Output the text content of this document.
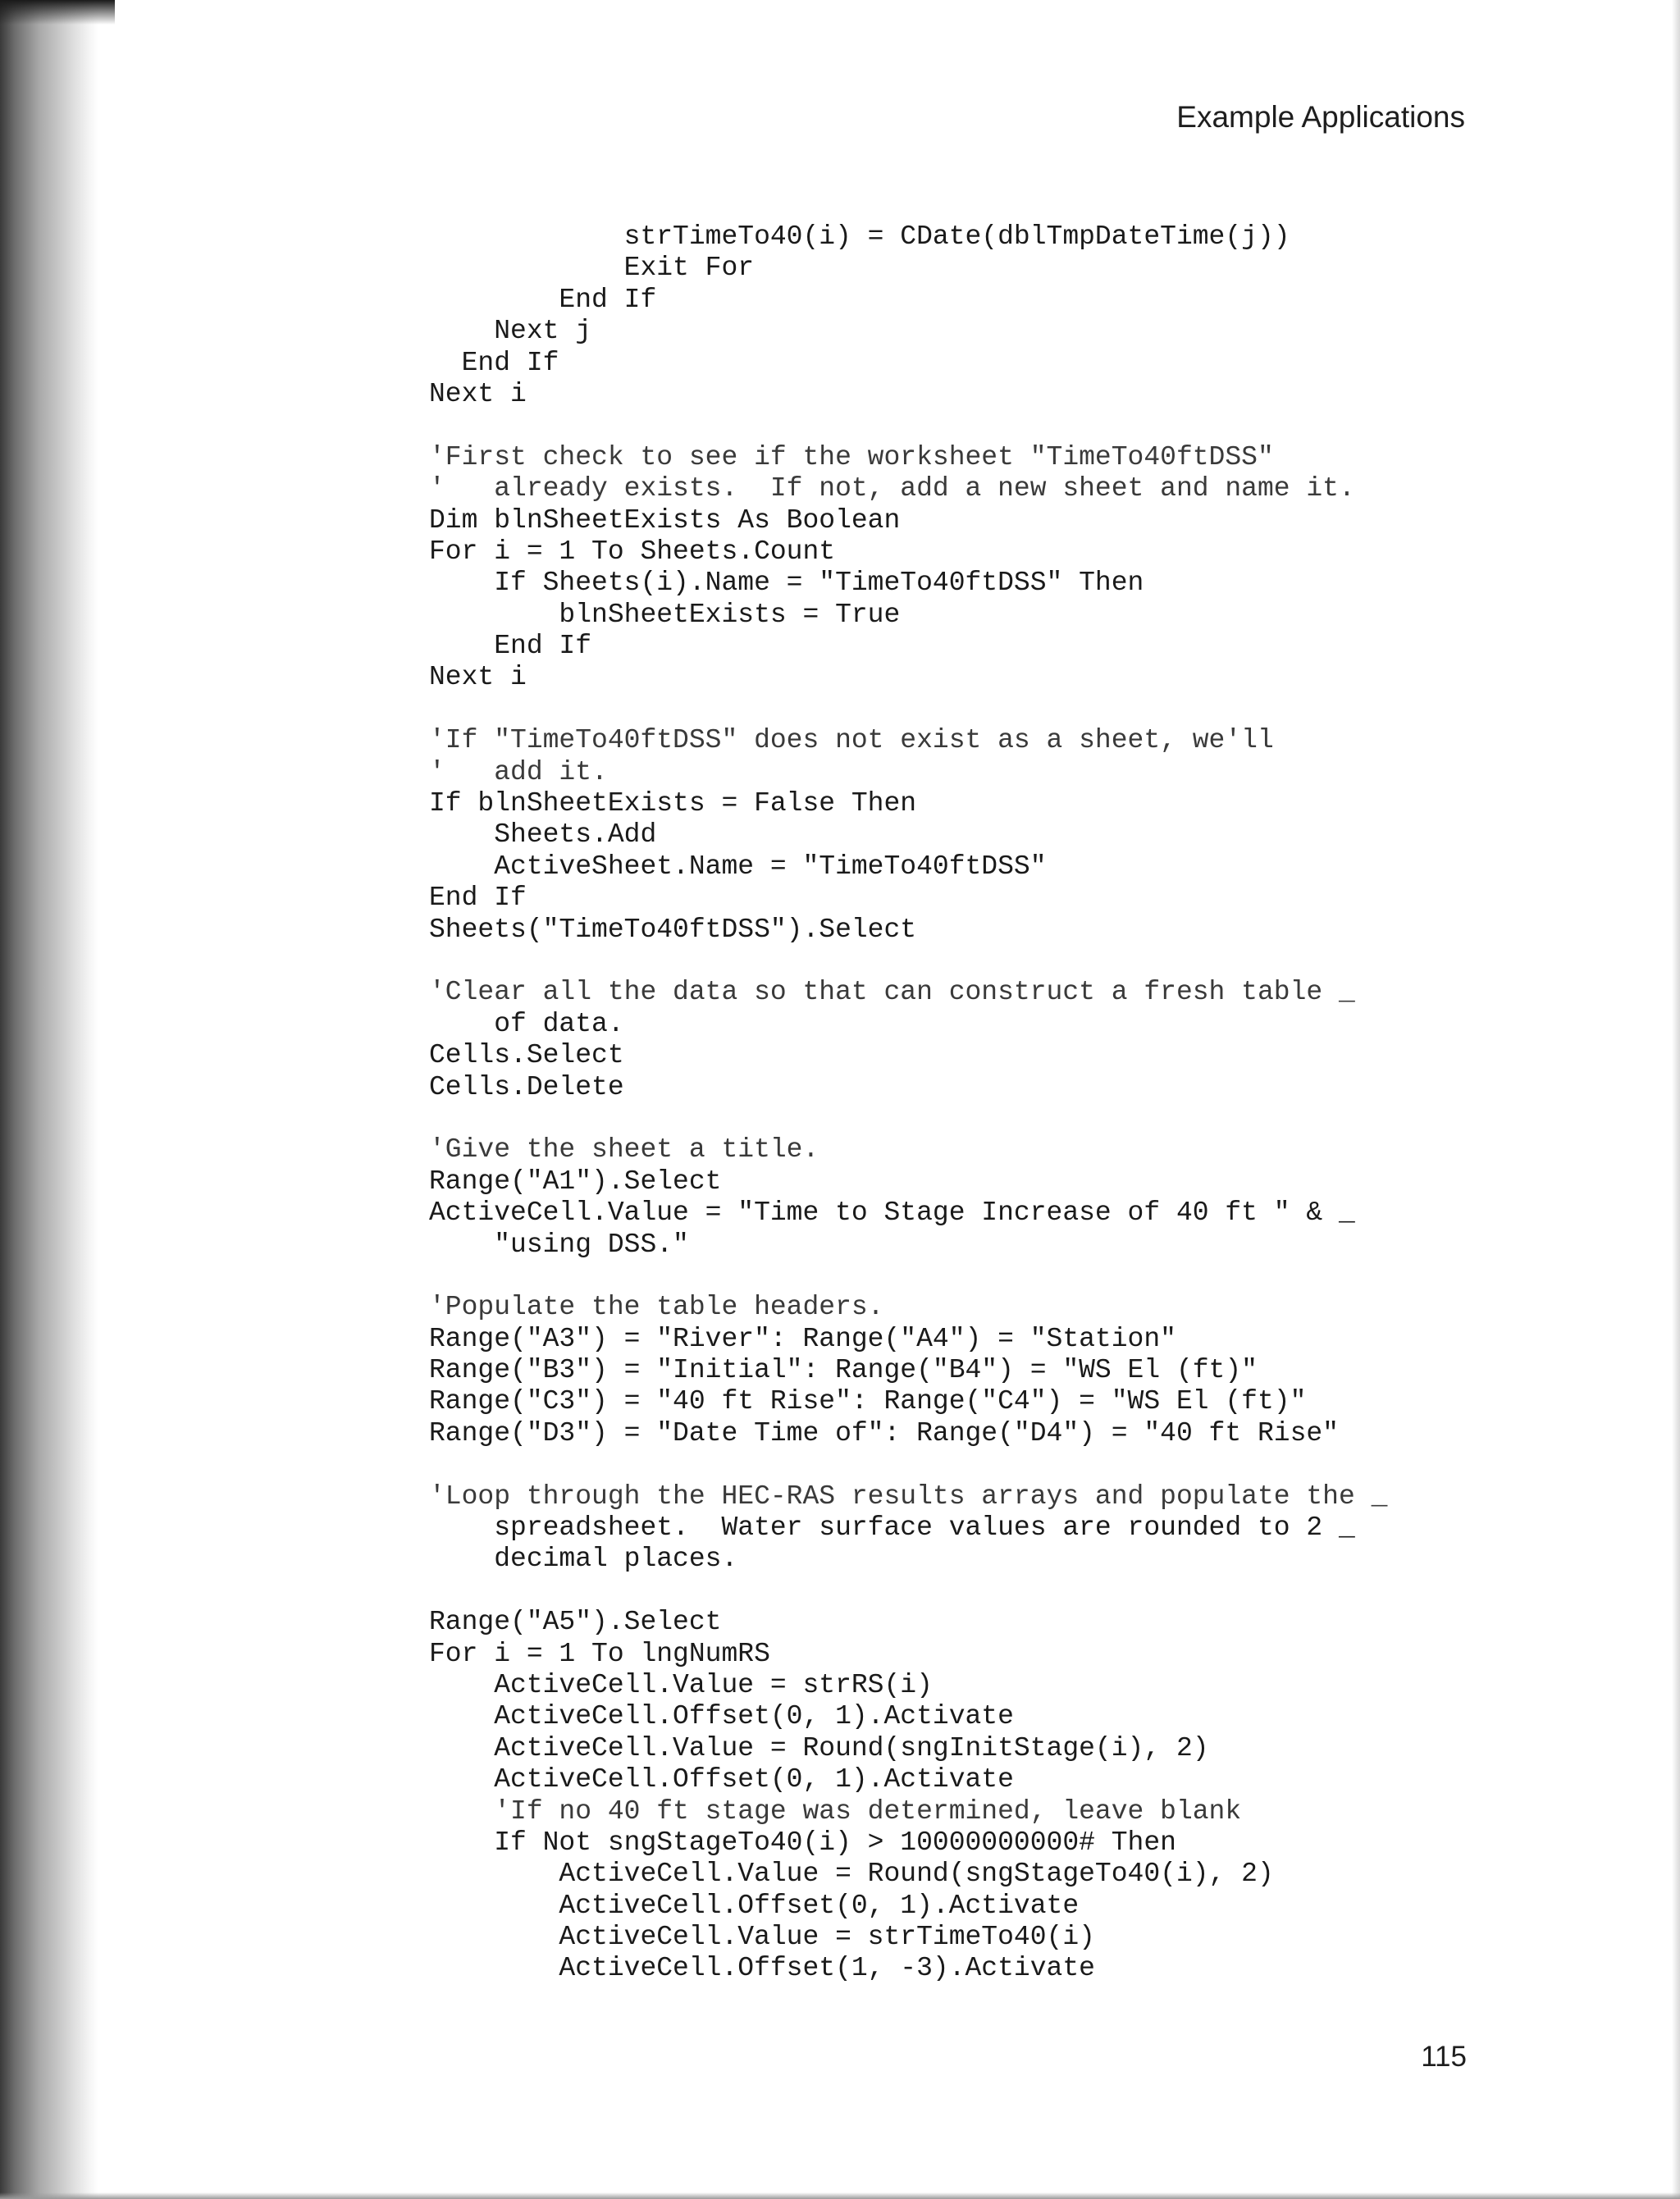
Example Applications
strTimeTo40(i) = CDate(dblTmpDateTime(j))
Exit For
End If
Next j
End If
Next i
'First check to see if the worksheet "TimeTo40ftDSS"
'   already exists.  If not, add a new sheet and name it.
Dim blnSheetExists As Boolean
For i = 1 To Sheets.Count
If Sheets(i).Name = "TimeTo40ftDSS" Then
blnSheetExists = True
End If
Next i
'If "TimeTo40ftDSS" does not exist as a sheet, we'll
'   add it.
If blnSheetExists = False Then
Sheets.Add
ActiveSheet.Name = "TimeTo40ftDSS"
End If
Sheets("TimeTo40ftDSS").Select
'Clear all the data so that can construct a fresh table _
of data.
Cells.Select
Cells.Delete
'Give the sheet a title.
Range("A1").Select
ActiveCell.Value = "Time to Stage Increase of 40 ft " & _
"using DSS."
'Populate the table headers.
Range("A3") = "River": Range("A4") = "Station"
Range("B3") = "Initial": Range("B4") = "WS El (ft)"
Range("C3") = "40 ft Rise": Range("C4") = "WS El (ft)"
Range("D3") = "Date Time of": Range("D4") = "40 ft Rise"
'Loop through the HEC-RAS results arrays and populate the _
spreadsheet.  Water surface values are rounded to 2 _
decimal places.
Range("A5").Select
For i = 1 To lngNumRS
ActiveCell.Value = strRS(i)
ActiveCell.Offset(0, 1).Activate
ActiveCell.Value = Round(sngInitStage(i), 2)
ActiveCell.Offset(0, 1).Activate
'If no 40 ft stage was determined, leave blank
If Not sngStageTo40(i) > 10000000000# Then
ActiveCell.Value = Round(sngStageTo40(i), 2)
ActiveCell.Offset(0, 1).Activate
ActiveCell.Value = strTimeTo40(i)
ActiveCell.Offset(1, -3).Activate
115
